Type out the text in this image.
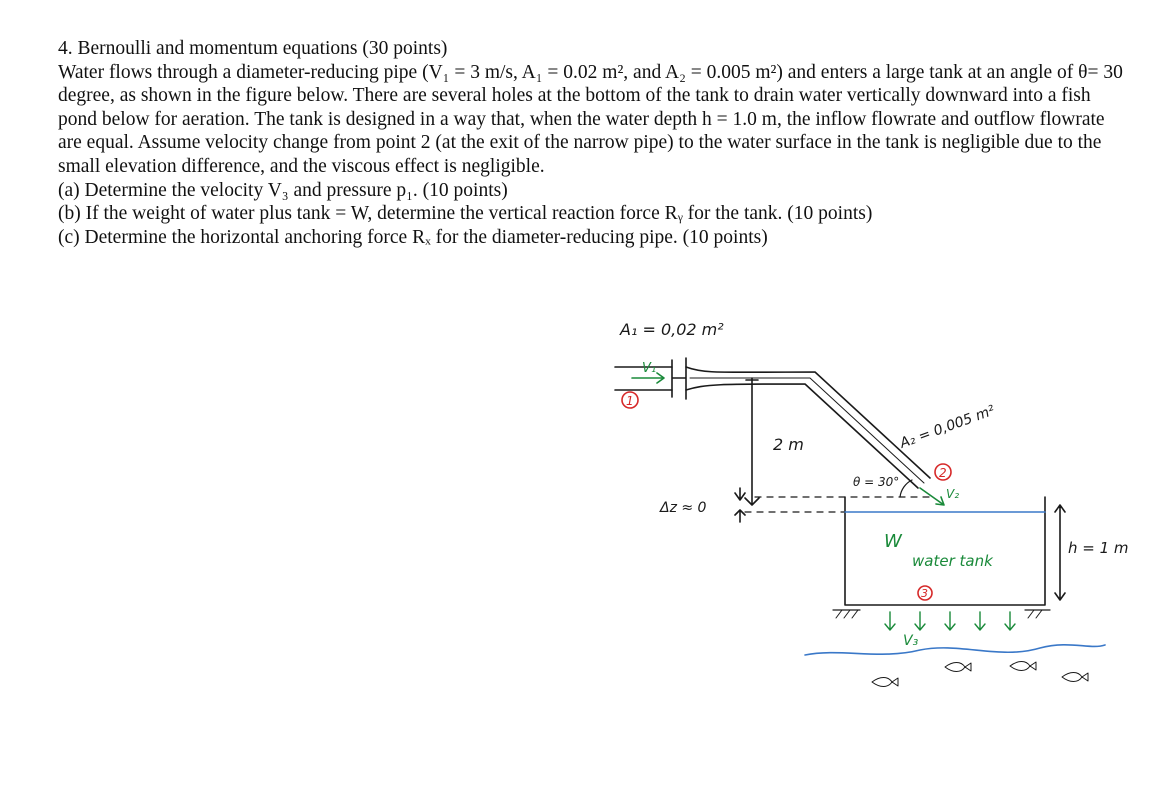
4. Bernoulli and momentum equations (30 points)

Water flows through a diameter-reducing pipe (V₁ = 3 m/s, A₁ = 0.02 m², and A₂ = 0.005 m²) and enters a large tank at an angle of θ= 30 degree, as shown in the figure below. There are several holes at the bottom of the tank to drain water vertically downward into a fish pond below for aeration. The tank is designed in a way that, when the water depth h = 1.0 m, the inflow flowrate and outflow flowrate are equal. Assume velocity change from point 2 (at the exit of the narrow pipe) to the water surface in the tank is negligible due to the small elevation difference, and the viscous effect is negligible.

(a) Determine the velocity V₃ and pressure p₁. (10 points)

(b) If the weight of water plus tank = W, determine the vertical reaction force Rᵧ for the tank. (10 points)

(c) Determine the horizontal anchoring force Rₓ for the diameter-reducing pipe. (10 points)

A₁ = 0,02 m²
V₁
1
2 m
Δz ≈ 0
A₂ = 0,005 m²
θ = 30°
2
V₂
W
water tank
3
V₃
h = 1 m
